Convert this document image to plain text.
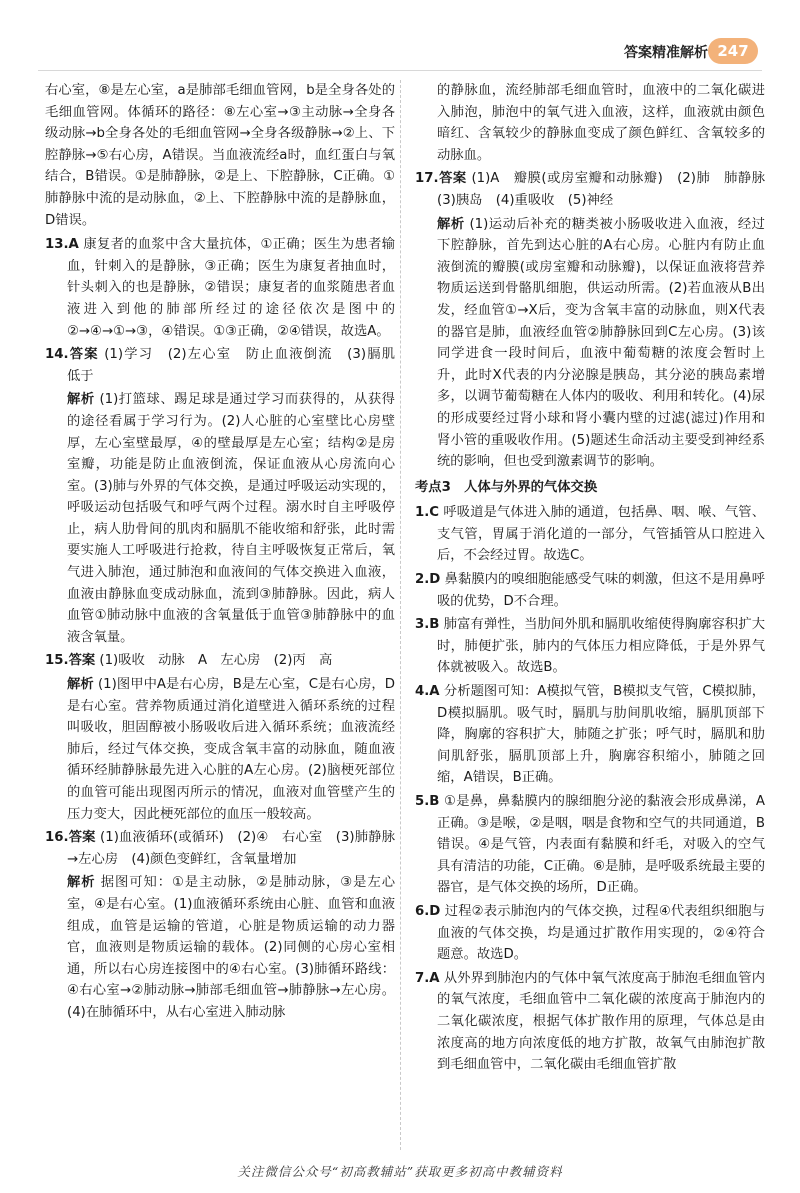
答案精准解析 247

右心室，⑧是左心室，a是肺部毛细血管网，b是全身各处的毛细血管网。体循环的路径：⑧左心室→③主动脉→全身各级动脉→b全身各处的毛细血管网→全身各级静脉→②上、下腔静脉→⑤右心房，A错误。当血液流经a时，血红蛋白与氧结合，B错误。①是肺静脉，②是上、下腔静脉，C正确。①肺静脉中流的是动脉血，②上、下腔静脉中流的是静脉血，D错误。

13.A 康复者的血浆中含大量抗体，①正确；医生为患者输血，针刺入的是静脉，③正确；医生为康复者抽血时，针头刺入的也是静脉，②错误；康复者的血浆随患者血液进入到他的肺部所经过的途径依次是图中的②→④→①→③，④错误。①③正确，②④错误，故选A。

14.答案 (1)学习　(2)左心室　防止血液倒流　(3)膈肌　低于

解析 (1)打篮球、踢足球是通过学习而获得的，从获得的途径看属于学习行为。(2)人心脏的心室壁比心房壁厚，左心室壁最厚，④的壁最厚是左心室；结构②是房室瓣，功能是防止血液倒流，保证血液从心房流向心室。(3)肺与外界的气体交换，是通过呼吸运动实现的，呼吸运动包括吸气和呼气两个过程。溺水时自主呼吸停止，病人肋骨间的肌肉和膈肌不能收缩和舒张，此时需要实施人工呼吸进行抢救，待自主呼吸恢复正常后，氧气进入肺泡，通过肺泡和血液间的气体交换进入血液，血液由静脉血变成动脉血，流到③肺静脉。因此，病人血管①肺动脉中血液的含氧量低于血管③肺静脉中的血液含氧量。

15.答案 (1)吸收　动脉　A　左心房　(2)丙　高

解析 (1)图甲中A是右心房，B是左心室，C是右心房，D是右心室。营养物质通过消化道壁进入循环系统的过程叫吸收，胆固醇被小肠吸收后进入循环系统；血液流经肺后，经过气体交换，变成含氧丰富的动脉血，随血液循环经肺静脉最先进入心脏的A左心房。(2)脑梗死部位的血管可能出现图丙所示的情况，血液对血管壁产生的压力变大，因此梗死部位的血压一般较高。

16.答案 (1)血液循环(或循环)　(2)④　右心室　(3)肺静脉→左心房　(4)颜色变鲜红，含氧量增加

解析 据图可知：①是主动脉，②是肺动脉，③是左心室，④是右心室。(1)血液循环系统由心脏、血管和血液组成，血管是运输的管道，心脏是物质运输的动力器官，血液则是物质运输的载体。(2)同侧的心房心室相通，所以右心房连接图中的④右心室。(3)肺循环路线：④右心室→②肺动脉→肺部毛细血管→肺静脉→左心房。(4)在肺循环中，从右心室进入肺动脉

的静脉血，流经肺部毛细血管时，血液中的二氧化碳进入肺泡，肺泡中的氧气进入血液，这样，血液就由颜色暗红、含氧较少的静脉血变成了颜色鲜红、含氧较多的动脉血。

17.答案 (1)A　瓣膜(或房室瓣和动脉瓣)　(2)肺　肺静脉　(3)胰岛　(4)重吸收　(5)神经

解析 (1)运动后补充的糖类被小肠吸收进入血液，经过下腔静脉，首先到达心脏的A右心房。心脏内有防止血液倒流的瓣膜(或房室瓣和动脉瓣)，以保证血液将营养物质运送到骨骼肌细胞，供运动所需。(2)若血液从B出发，经血管①→X后，变为含氧丰富的动脉血，则X代表的器官是肺，血液经血管②肺静脉回到C左心房。(3)该同学进食一段时间后，血液中葡萄糖的浓度会暂时上升，此时X代表的内分泌腺是胰岛，其分泌的胰岛素增多，以调节葡萄糖在人体内的吸收、利用和转化。(4)尿的形成要经过肾小球和肾小囊内壁的过滤(滤过)作用和肾小管的重吸收作用。(5)题述生命活动主要受到神经系统的影响，但也受到激素调节的影响。

考点3　人体与外界的气体交换

1.C 呼吸道是气体进入肺的通道，包括鼻、咽、喉、气管、支气管，胃属于消化道的一部分，气管插管从口腔进入后，不会经过胃。故选C。

2.D 鼻黏膜内的嗅细胞能感受气味的刺激，但这不是用鼻呼吸的优势，D不合理。

3.B 肺富有弹性，当肋间外肌和膈肌收缩使得胸廓容积扩大时，肺便扩张，肺内的气体压力相应降低，于是外界气体就被吸入。故选B。

4.A 分析题图可知：A模拟气管，B模拟支气管，C模拟肺，D模拟膈肌。吸气时，膈肌与肋间肌收缩，膈肌顶部下降，胸廓的容积扩大，肺随之扩张；呼气时，膈肌和肋间肌舒张，膈肌顶部上升，胸廓容积缩小，肺随之回缩，A错误，B正确。

5.B ①是鼻，鼻黏膜内的腺细胞分泌的黏液会形成鼻涕，A正确。③是喉，②是咽，咽是食物和空气的共同通道，B错误。④是气管，内表面有黏膜和纤毛，对吸入的空气具有清洁的功能，C正确。⑥是肺，是呼吸系统最主要的器官，是气体交换的场所，D正确。

6.D 过程②表示肺泡内的气体交换，过程④代表组织细胞与血液的气体交换，均是通过扩散作用实现的，②④符合题意。故选D。

7.A 从外界到肺泡内的气体中氧气浓度高于肺泡毛细血管内的氧气浓度，毛细血管中二氧化碳的浓度高于肺泡内的二氧化碳浓度，根据气体扩散作用的原理，气体总是由浓度高的地方向浓度低的地方扩散，故氧气由肺泡扩散到毛细血管中，二氧化碳由毛细血管扩散

关注微信公众号“初高教辅站”获取更多初高中教辅资料
